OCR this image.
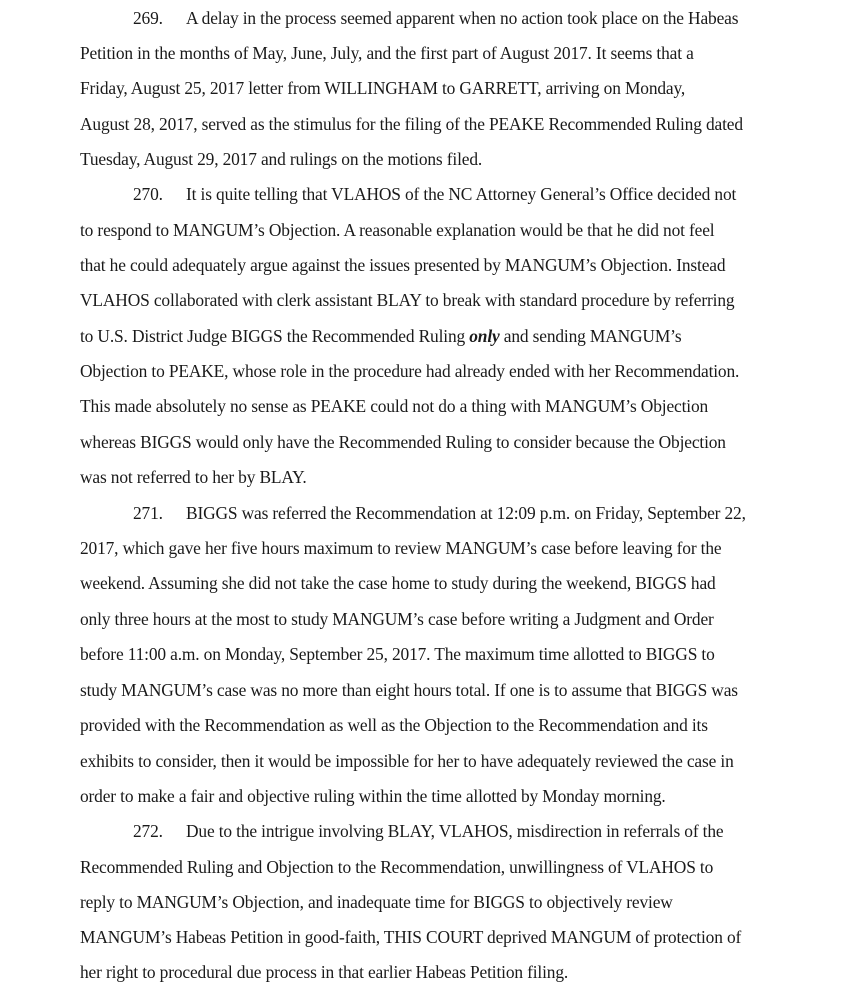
269. A delay in the process seemed apparent when no action took place on the Habeas
Petition in the months of May, June, July, and the first part of August 2017. It seems that a
Friday, August 25, 2017 letter from WILLINGHAM to GARRETT, arriving on Monday,
August 28, 2017, served as the stimulus for the filing of the PEAKE Recommended Ruling dated
Tuesday, August 29, 2017 and rulings on the motions filed.
270. It is quite telling that VLAHOS of the NC Attorney General’s Office decided not
to respond to MANGUM’s Objection. A reasonable explanation would be that he did not feel
that he could adequately argue against the issues presented by MANGUM’s Objection. Instead
VLAHOS collaborated with clerk assistant BLAY to break with standard procedure by referring
to U.S. District Judge BIGGS the Recommended Ruling only and sending MANGUM’s
Objection to PEAKE, whose role in the procedure had already ended with her Recommendation.
This made absolutely no sense as PEAKE could not do a thing with MANGUM’s Objection
whereas BIGGS would only have the Recommended Ruling to consider because the Objection
was not referred to her by BLAY.
271. BIGGS was referred the Recommendation at 12:09 p.m. on Friday, September 22,
2017, which gave her five hours maximum to review MANGUM’s case before leaving for the
weekend. Assuming she did not take the case home to study during the weekend, BIGGS had
only three hours at the most to study MANGUM’s case before writing a Judgment and Order
before 11:00 a.m. on Monday, September 25, 2017. The maximum time allotted to BIGGS to
study MANGUM’s case was no more than eight hours total. If one is to assume that BIGGS was
provided with the Recommendation as well as the Objection to the Recommendation and its
exhibits to consider, then it would be impossible for her to have adequately reviewed the case in
order to make a fair and objective ruling within the time allotted by Monday morning.
272. Due to the intrigue involving BLAY, VLAHOS, misdirection in referrals of the
Recommended Ruling and Objection to the Recommendation, unwillingness of VLAHOS to
reply to MANGUM’s Objection, and inadequate time for BIGGS to objectively review
MANGUM’s Habeas Petition in good-faith, THIS COURT deprived MANGUM of protection of
her right to procedural due process in that earlier Habeas Petition filing.
